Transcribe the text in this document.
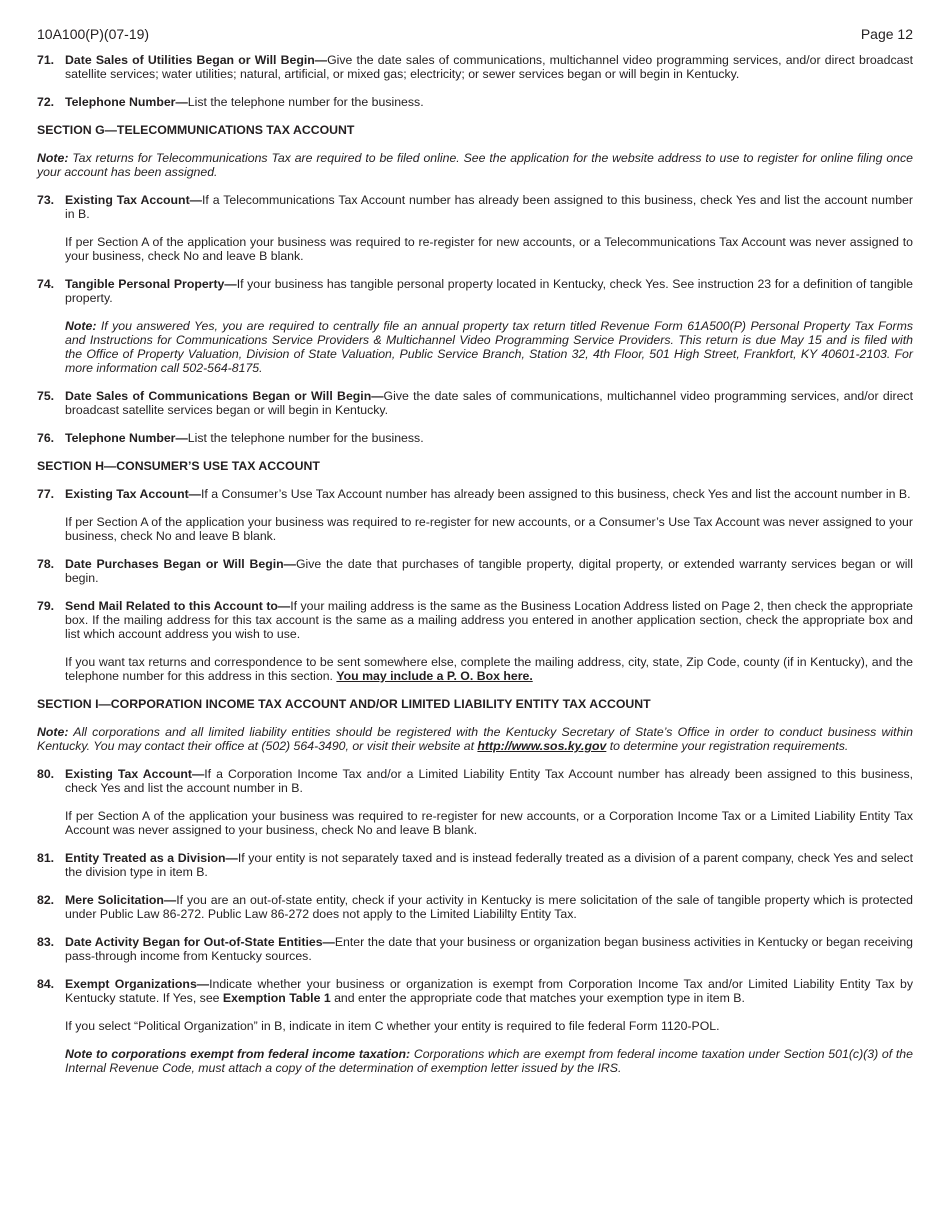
10A100(P)(07-19)	Page 12
71. Date Sales of Utilities Began or Will Begin—Give the date sales of communications, multichannel video programming services, and/or direct broadcast satellite services; water utilities; natural, artificial, or mixed gas; electricity; or sewer services began or will begin in Kentucky.

72. Telephone Number—List the telephone number for the business.

SECTION G—TELECOMMUNICATIONS TAX ACCOUNT

Note: Tax returns for Telecommunications Tax are required to be filed online. See the application for the website address to use to register for online filing once your account has been assigned.

73. Existing Tax Account—If a Telecommunications Tax Account number has already been assigned to this business, check Yes and list the account number in B.

If per Section A of the application your business was required to re-register for new accounts, or a Telecommunications Tax Account was never assigned to your business, check No and leave B blank.

74. Tangible Personal Property—If your business has tangible personal property located in Kentucky, check Yes. See instruction 23 for a definition of tangible property.

Note: If you answered Yes, you are required to centrally file an annual property tax return titled Revenue Form 61A500(P) Personal Property Tax Forms and Instructions for Communications Service Providers & Multichannel Video Programming Service Providers. This return is due May 15 and is filed with the Office of Property Valuation, Division of State Valuation, Public Service Branch, Station 32, 4th Floor, 501 High Street, Frankfort, KY 40601-2103. For more information call 502-564-8175.

75. Date Sales of Communications Began or Will Begin—Give the date sales of communications, multichannel video programming services, and/or direct broadcast satellite services began or will begin in Kentucky.

76. Telephone Number—List the telephone number for the business.

SECTION H—CONSUMER’S USE TAX ACCOUNT
77. Existing Tax Account—If a Consumer’s Use Tax Account number has already been assigned to this business, check Yes and list the account number in B.

If per Section A of the application your business was required to re-register for new accounts, or a Consumer’s Use Tax Account was never assigned to your business, check No and leave B blank.

78. Date Purchases Began or Will Begin—Give the date that purchases of tangible property, digital property, or extended warranty services began or will begin.

79. Send Mail Related to this Account to—If your mailing address is the same as the Business Location Address listed on Page 2, then check the appropriate box. If the mailing address for this tax account is the same as a mailing address you entered in another application section, check the appropriate box and list which account address you wish to use.

If you want tax returns and correspondence to be sent somewhere else, complete the mailing address, city, state, Zip Code, county (if in Kentucky), and the telephone number for this address in this section. You may include a P. O. Box here.

SECTION I—CORPORATION INCOME TAX ACCOUNT AND/OR LIMITED LIABILITY ENTITY TAX ACCOUNT

Note: All corporations and all limited liability entities should be registered with the Kentucky Secretary of State’s Office in order to conduct business within Kentucky. You may contact their office at (502) 564-3490, or visit their website at http://www.sos.ky.gov to determine your registration requirements.

80. Existing Tax Account—If a Corporation Income Tax and/or a Limited Liability Entity Tax Account number has already been assigned to this business, check Yes and list the account number in B.

If per Section A of the application your business was required to re-register for new accounts, or a Corporation Income Tax or a Limited Liability Entity Tax Account was never assigned to your business, check No and leave B blank.

81. Entity Treated as a Division—If your entity is not separately taxed and is instead federally treated as a division of a parent company, check Yes and select the division type in item B.

82. Mere Solicitation—If you are an out-of-state entity, check if your activity in Kentucky is mere solicitation of the sale of tangible property which is protected under Public Law 86-272. Public Law 86-272 does not apply to the Limited Liabililty Entity Tax.

83. Date Activity Began for Out-of-State Entities—Enter the date that your business or organization began business activities in Kentucky or began receiving pass-through income from Kentucky sources.

84. Exempt Organizations—Indicate whether your business or organization is exempt from Corporation Income Tax and/or Limited Liability Entity Tax by Kentucky statute. If Yes, see Exemption Table 1 and enter the appropriate code that matches your exemption type in item B.

If you select “Political Organization” in B, indicate in item C whether your entity is required to file federal Form 1120-POL.

Note to corporations exempt from federal income taxation: Corporations which are exempt from federal income taxation under Section 501(c)(3) of the Internal Revenue Code, must attach a copy of the determination of exemption letter issued by the IRS.
